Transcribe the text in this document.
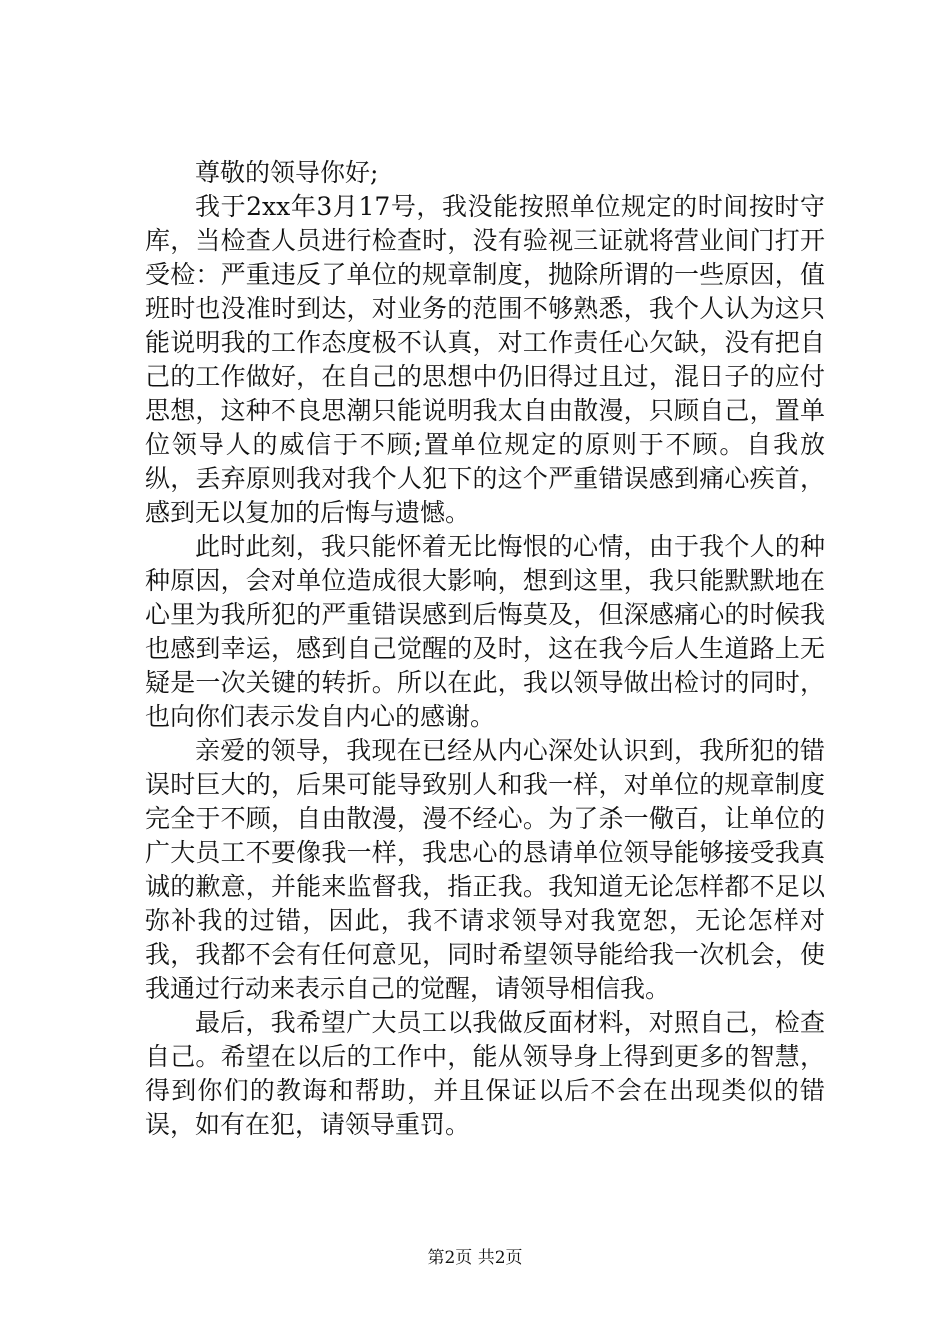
尊敬的领导你好;

我于2xx年3月17号，我没能按照单位规定的时间按时守库，当检查人员进行检查时，没有验视三证就将营业间门打开受检：严重违反了单位的规章制度，抛除所谓的一些原因，值班时也没准时到达，对业务的范围不够熟悉，我个人认为这只能说明我的工作态度极不认真，对工作责任心欠缺，没有把自己的工作做好，在自己的思想中仍旧得过且过，混日子的应付思想，这种不良思潮只能说明我太自由散漫，只顾自己，置单位领导人的威信于不顾;置单位规定的原则于不顾。自我放纵，丢弃原则我对我个人犯下的这个严重错误感到痛心疾首，感到无以复加的后悔与遗憾。

此时此刻，我只能怀着无比悔恨的心情，由于我个人的种种原因，会对单位造成很大影响，想到这里，我只能默默地在心里为我所犯的严重错误感到后悔莫及，但深感痛心的时候我也感到幸运，感到自己觉醒的及时，这在我今后人生道路上无疑是一次关键的转折。所以在此，我以领导做出检讨的同时，也向你们表示发自内心的感谢。

亲爱的领导，我现在已经从内心深处认识到，我所犯的错误时巨大的，后果可能导致别人和我一样，对单位的规章制度完全于不顾，自由散漫，漫不经心。为了杀一儆百，让单位的广大员工不要像我一样，我忠心的恳请单位领导能够接受我真诚的歉意，并能来监督我，指正我。我知道无论怎样都不足以弥补我的过错，因此，我不请求领导对我宽恕，无论怎样对我，我都不会有任何意见，同时希望领导能给我一次机会，使我通过行动来表示自己的觉醒，请领导相信我。

最后，我希望广大员工以我做反面材料，对照自己，检查自己。希望在以后的工作中，能从领导身上得到更多的智慧，得到你们的教诲和帮助，并且保证以后不会在出现类似的错误，如有在犯，请领导重罚。

第2页 共2页
